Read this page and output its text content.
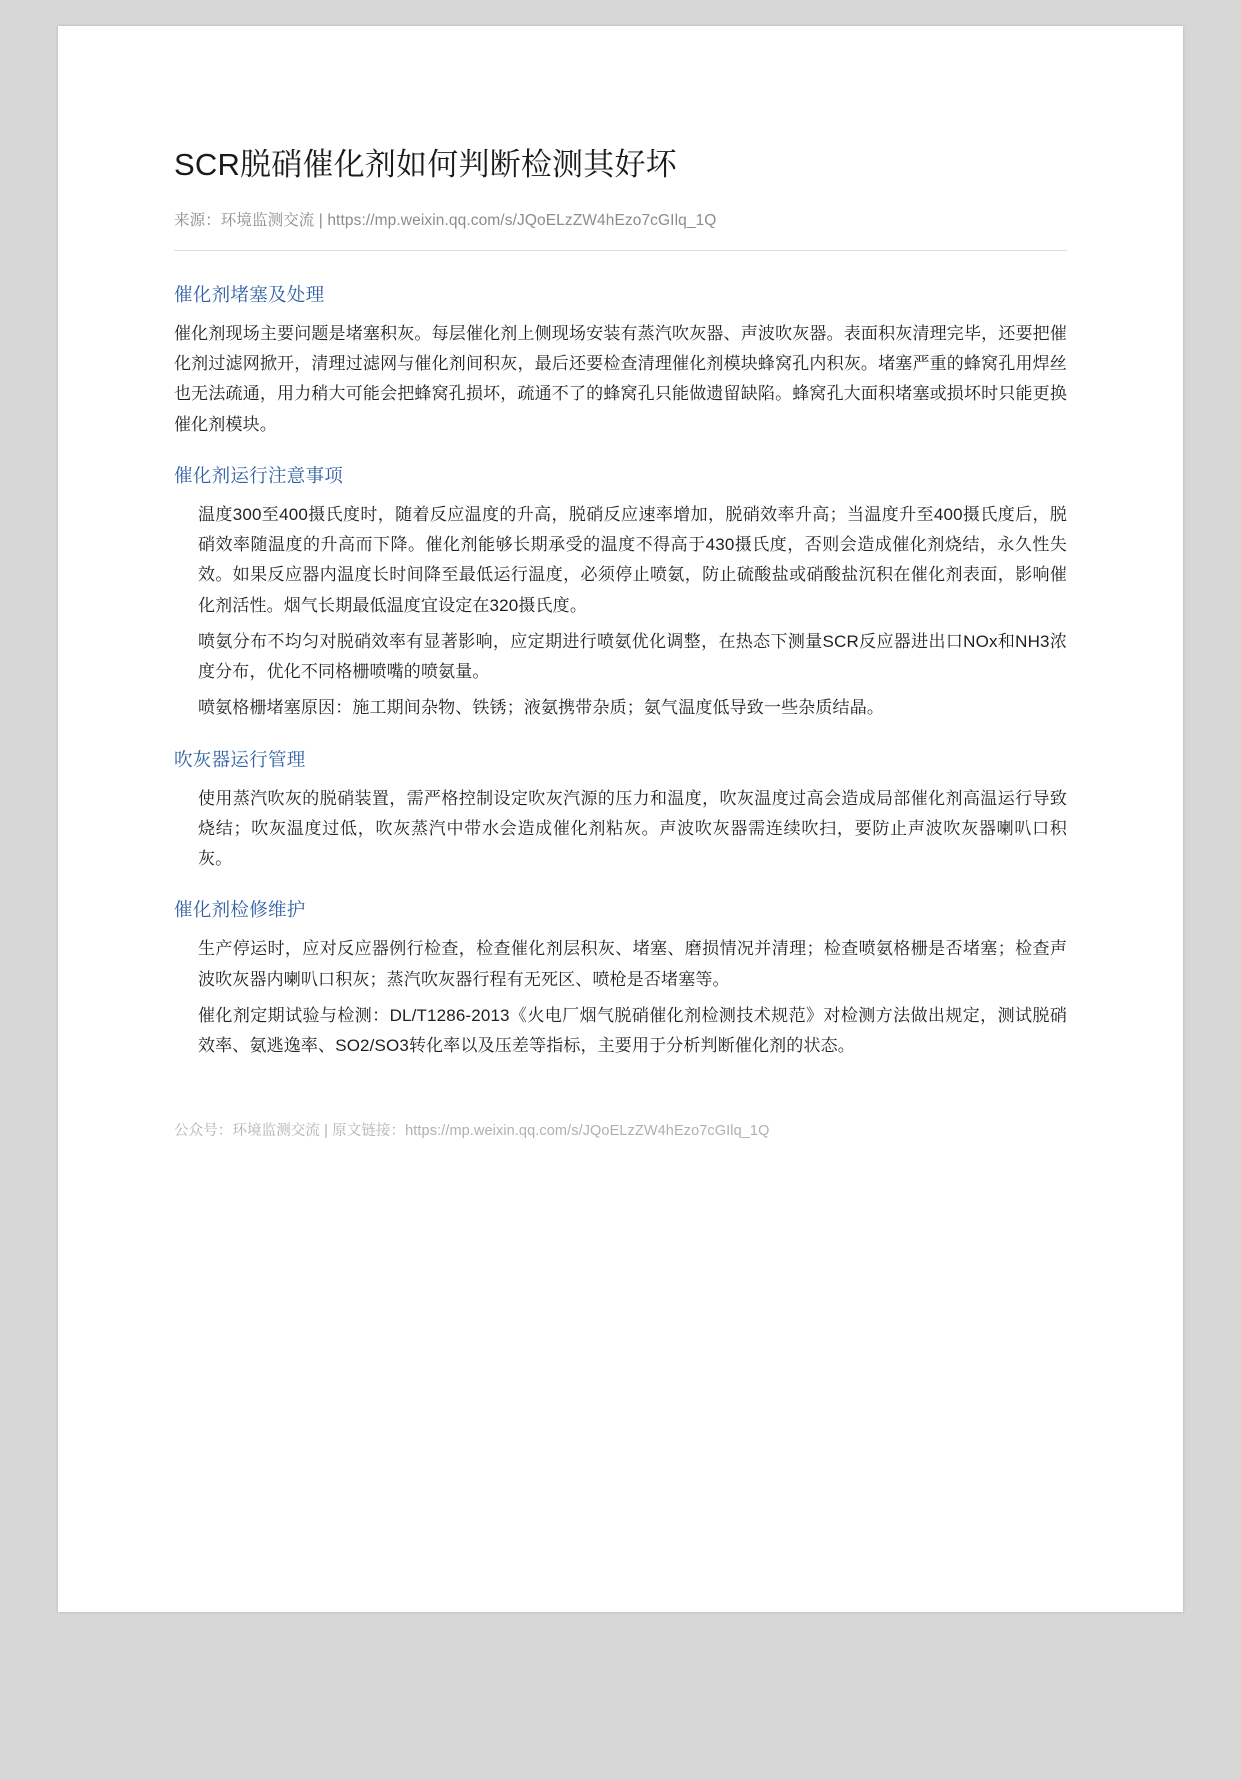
SCR脱硝催化剂如何判断检测其好坏
来源：环境监测交流 | https://mp.weixin.qq.com/s/JQoELzZW4hEzo7cGIlq_1Q
催化剂堵塞及处理

催化剂现场主要问题是堵塞积灰。每层催化剂上侧现场安装有蒸汽吹灰器、声波吹灰器。表面积灰清理完毕，还要把催化剂过滤网掀开，清理过滤网与催化剂间积灰，最后还要检查清理催化剂模块蜂窝孔内积灰。堵塞严重的蜂窝孔用焊丝也无法疏通，用力稍大可能会把蜂窝孔损坏，疏通不了的蜂窝孔只能做遗留缺陷。蜂窝孔大面积堵塞或损坏时只能更换催化剂模块。

催化剂运行注意事项

温度300至400摄氏度时，随着反应温度的升高，脱硝反应速率增加，脱硝效率升高；当温度升至400摄氏度后，脱硝效率随温度的升高而下降。催化剂能够长期承受的温度不得高于430摄氏度，否则会造成催化剂烧结，永久性失效。如果反应器内温度长时间降至最低运行温度，必须停止喷氨，防止硫酸盐或硝酸盐沉积在催化剂表面，影响催化剂活性。烟气长期最低温度宜设定在320摄氏度。

喷氨分布不均匀对脱硝效率有显著影响，应定期进行喷氨优化调整，在热态下测量SCR反应器进出口NOx和NH3浓度分布，优化不同格栅喷嘴的喷氨量。

喷氨格栅堵塞原因：施工期间杂物、铁锈；液氨携带杂质；氨气温度低导致一些杂质结晶。

吹灰器运行管理

使用蒸汽吹灰的脱硝装置，需严格控制设定吹灰汽源的压力和温度，吹灰温度过高会造成局部催化剂高温运行导致烧结；吹灰温度过低，吹灰蒸汽中带水会造成催化剂粘灰。声波吹灰器需连续吹扫，要防止声波吹灰器喇叭口积灰。

催化剂检修维护

生产停运时，应对反应器例行检查，检查催化剂层积灰、堵塞、磨损情况并清理；检查喷氨格栅是否堵塞；检查声波吹灰器内喇叭口积灰；蒸汽吹灰器行程有无死区、喷枪是否堵塞等。

催化剂定期试验与检测：DL/T1286-2013《火电厂烟气脱硝催化剂检测技术规范》对检测方法做出规定，测试脱硝效率、氨逃逸率、SO2/SO3转化率以及压差等指标，主要用于分析判断催化剂的状态。

公众号：环境监测交流 | 原文链接：https://mp.weixin.qq.com/s/JQoELzZW4hEzo7cGIlq_1Q
